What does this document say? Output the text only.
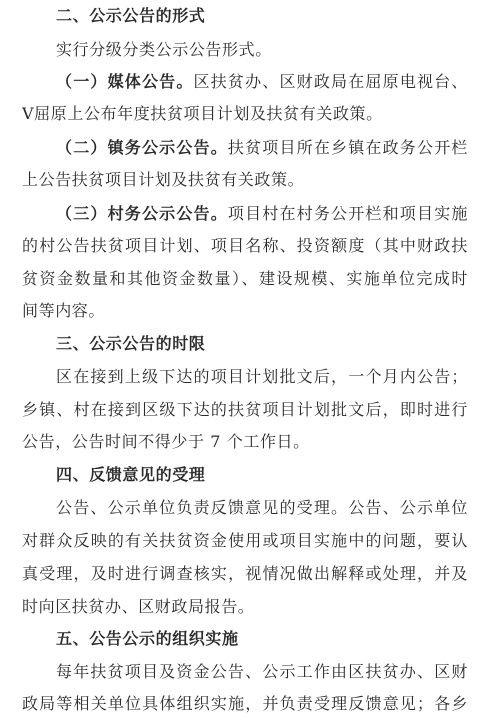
二、公示公告的形式
实行分级分类公示公告形式。
（一）媒体公告。区扶贫办、区财政局在屈原电视台、
V屈原上公布年度扶贫项目计划及扶贫有关政策。
（二）镇务公示公告。扶贫项目所在乡镇在政务公开栏
上公告扶贫项目计划及扶贫有关政策。
（三）村务公示公告。项目村在村务公开栏和项目实施
的村公告扶贫项目计划、项目名称、投资额度（其中财政扶
贫资金数量和其他资金数量）、建设规模、实施单位完成时
间等内容。
三、公示公告的时限
区在接到上级下达的项目计划批文后，一个月内公告；
乡镇、村在接到区级下达的扶贫项目计划批文后，即时进行
公告，公告时间不得少于 7 个工作日。
四、反馈意见的受理
公告、公示单位负责反馈意见的受理。公告、公示单位
对群众反映的有关扶贫资金使用或项目实施中的问题，要认
真受理，及时进行调查核实，视情况做出解释或处理，并及
时向区扶贫办、区财政局报告。
五、公告公示的组织实施
每年扶贫项目及资金公告、公示工作由区扶贫办、区财
政局等相关单位具体组织实施，并负责受理反馈意见；各乡
